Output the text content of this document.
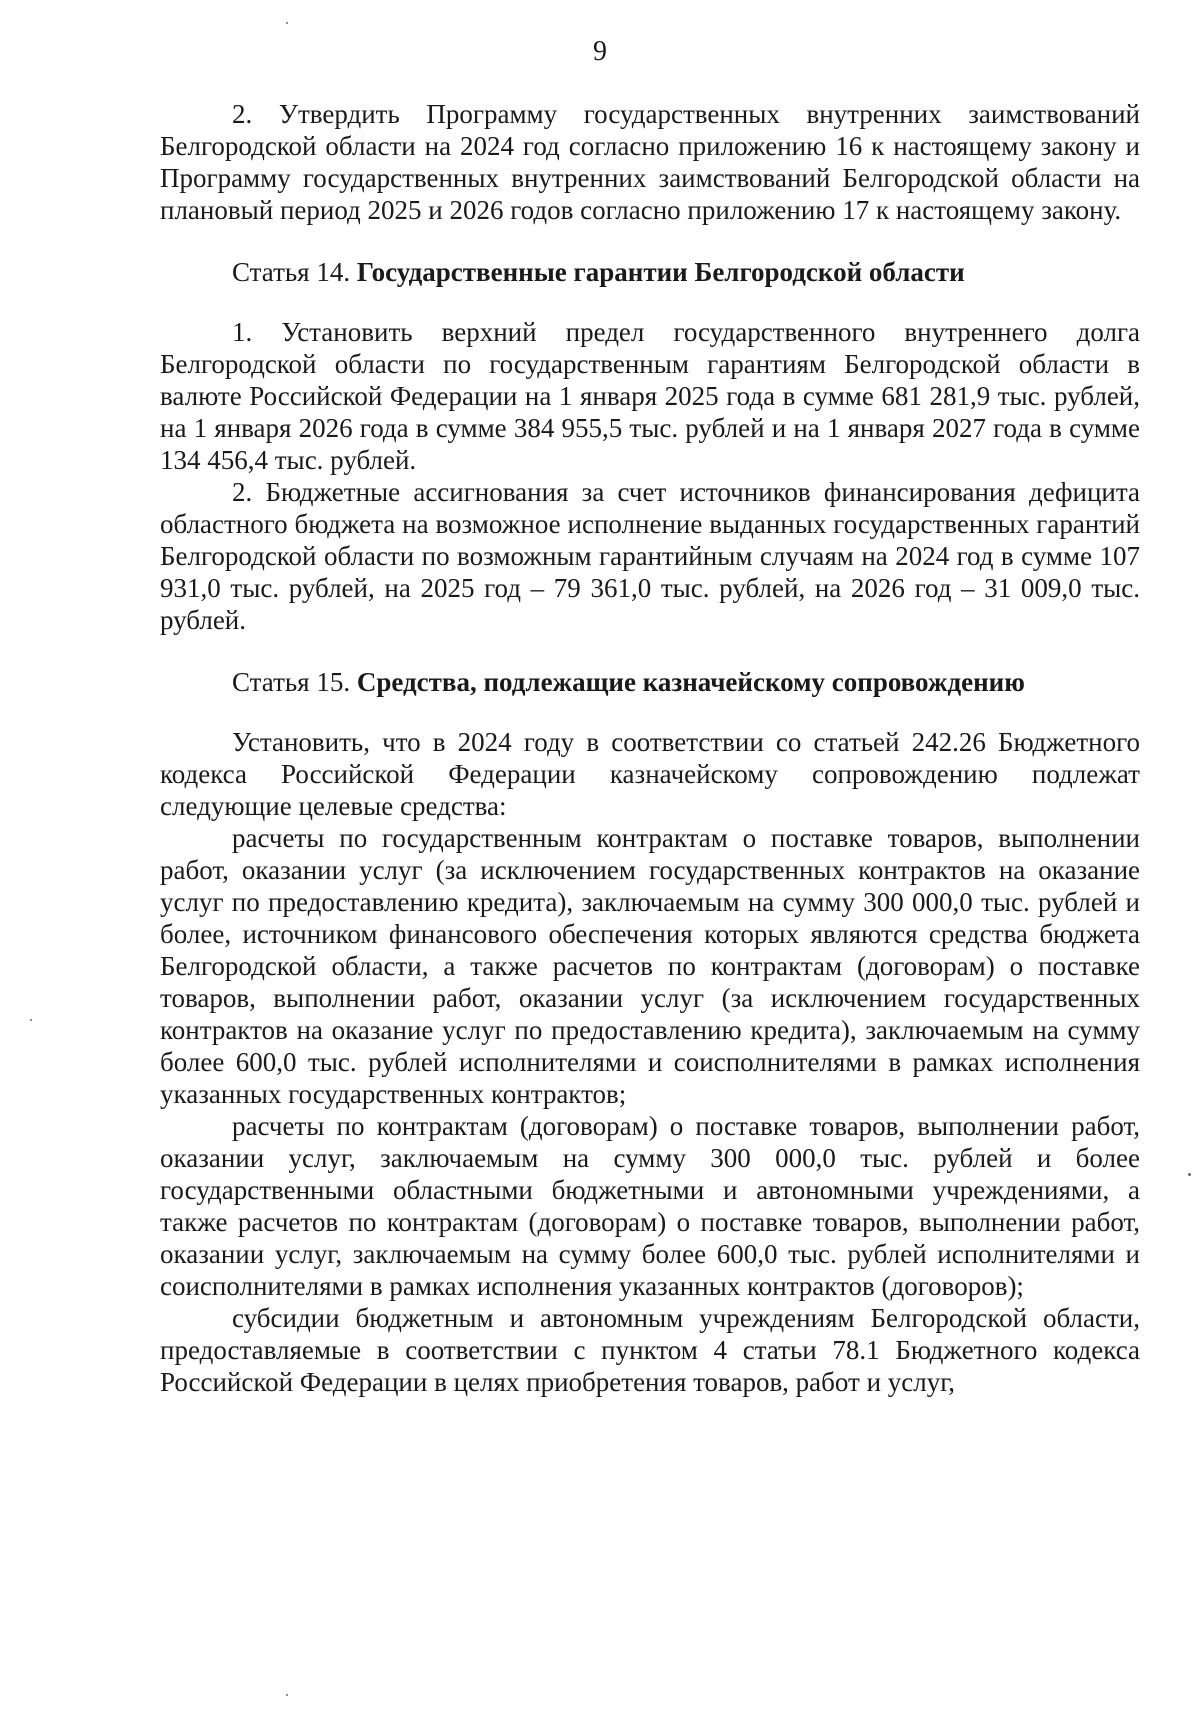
9

2. Утвердить Программу государственных внутренних заимствований Белгородской области на 2024 год согласно приложению 16 к настоящему закону и Программу государственных внутренних заимствований Белгородской области на плановый период 2025 и 2026 годов согласно приложению 17 к настоящему закону.

Статья 14. Государственные гарантии Белгородской области

1. Установить верхний предел государственного внутреннего долга Белгородской области по государственным гарантиям Белгородской области в валюте Российской Федерации на 1 января 2025 года в сумме 681 281,9 тыс. рублей, на 1 января 2026 года в сумме 384 955,5 тыс. рублей и на 1 января 2027 года в сумме 134 456,4 тыс. рублей.

2. Бюджетные ассигнования за счет источников финансирования дефицита областного бюджета на возможное исполнение выданных государственных гарантий Белгородской области по возможным гарантийным случаям на 2024 год в сумме 107 931,0 тыс. рублей, на 2025 год – 79 361,0 тыс. рублей, на 2026 год – 31 009,0 тыс. рублей.

Статья 15. Средства, подлежащие казначейскому сопровождению

Установить, что в 2024 году в соответствии со статьей 242.26 Бюджетного кодекса Российской Федерации казначейскому сопровождению подлежат следующие целевые средства:

расчеты по государственным контрактам о поставке товаров, выполнении работ, оказании услуг (за исключением государственных контрактов на оказание услуг по предоставлению кредита), заключаемым на сумму 300 000,0 тыс. рублей и более, источником финансового обеспечения которых являются средства бюджета Белгородской области, а также расчетов по контрактам (договорам) о поставке товаров, выполнении работ, оказании услуг (за исключением государственных контрактов на оказание услуг по предоставлению кредита), заключаемым на сумму более 600,0 тыс. рублей исполнителями и соисполнителями в рамках исполнения указанных государственных контрактов;

расчеты по контрактам (договорам) о поставке товаров, выполнении работ, оказании услуг, заключаемым на сумму 300 000,0 тыс. рублей и более государственными областными бюджетными и автономными учреждениями, а также расчетов по контрактам (договорам) о поставке товаров, выполнении работ, оказании услуг, заключаемым на сумму более 600,0 тыс. рублей исполнителями и соисполнителями в рамках исполнения указанных контрактов (договоров);

субсидии бюджетным и автономным учреждениям Белгородской области, предоставляемые в соответствии с пунктом 4 статьи 78.1 Бюджетного кодекса Российской Федерации в целях приобретения товаров, работ и услуг,
